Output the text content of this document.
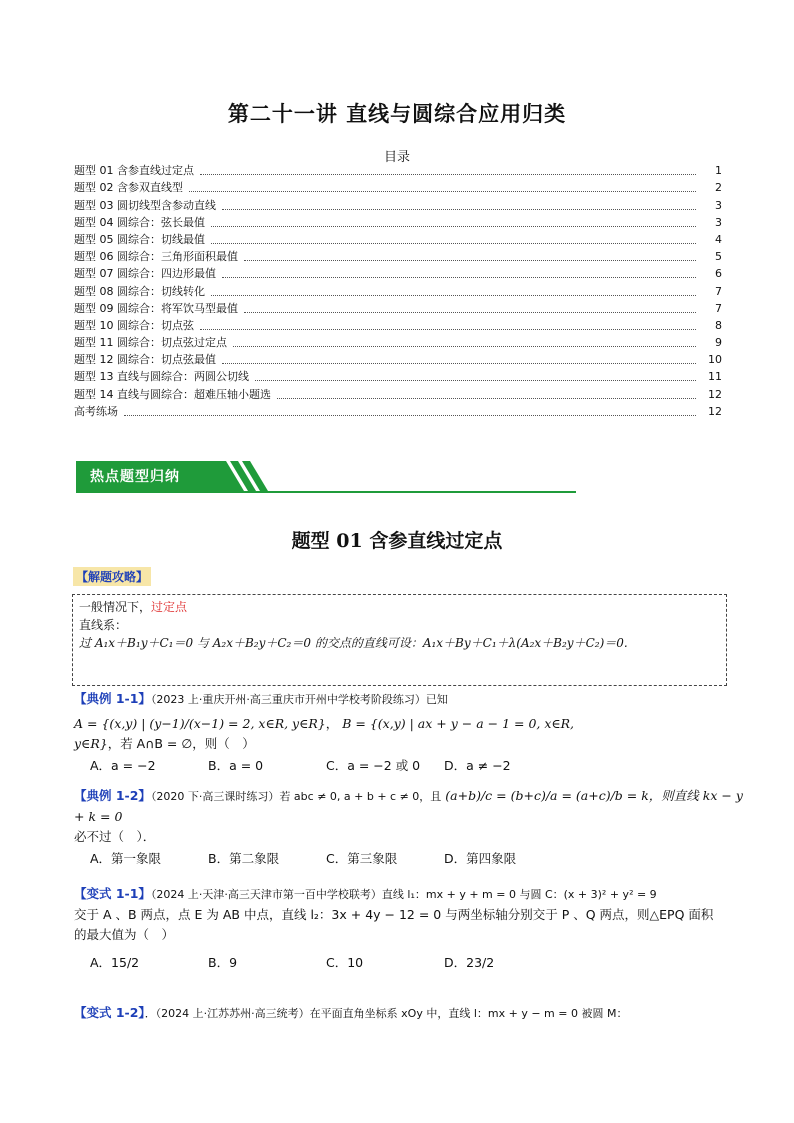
第二十一讲 直线与圆综合应用归类
目录
题型 01 含参直线过定点	1
题型 02 含参双直线型	2
题型 03 圆切线型含参动直线	3
题型 04 圆综合：弦长最值	3
题型 05 圆综合：切线最值	4
题型 06 圆综合：三角形面积最值	5
题型 07 圆综合：四边形最值	6
题型 08 圆综合：切线转化	7
题型 09 圆综合：将军饮马型最值	7
题型 10 圆综合：切点弦	8
题型 11 圆综合：切点弦过定点	9
题型 12 圆综合：切点弦最值	10
题型 13 直线与圆综合：两圆公切线	11
题型 14 直线与圆综合：超难压轴小题选	12
高考练场	12
热点题型归纳
题型 01 含参直线过定点
【解题攻略】
一般情况下，过定点
直线系：
过 A₁x＋B₁y＋C₁＝0 与 A₂x＋B₂y＋C₂＝0 的交点的直线可设：A₁x＋By＋C₁＋λ(A₂x＋B₂y＋C₂)＝0.
【典例 1-1】（2023 上·重庆开州·高三重庆市开州中学校考阶段练习）已知
A = {(x,y) | (y−1)/(x−1) = 2, x∈R, y∈R}， B = {(x,y) | ax + y − a − 1 = 0, x∈R, y∈R}，若 A∩B = ∅，则（　）
A．a = −2	B．a = 0	C．a = −2 或 0	D．a ≠ −2
【典例 1-2】（2020 下·高三课时练习）若 abc ≠ 0, a + b + c ≠ 0，且 (a+b)/c = (b+c)/a = (a+c)/b = k，则直线 kx − y + k = 0
必不过（　）．
A．第一象限	B．第二象限	C．第三象限	D．第四象限
【变式 1-1】（2024 上·天津·高三天津市第一百中学校联考）直线 l₁：mx + y + m = 0 与圆 C：(x + 3)² + y² = 9
交于 A 、B 两点，点 E 为 AB 中点，直线 l₂：3x + 4y − 12 = 0 与两坐标轴分别交于 P 、Q 两点，则△EPQ 面积
的最大值为（　）
A．15/2	B．9	C．10	D．23/2
【变式 1-2】．（2024 上·江苏苏州·高三统考）在平面直角坐标系 xOy 中，直线 l：mx + y − m = 0 被圆 M：
